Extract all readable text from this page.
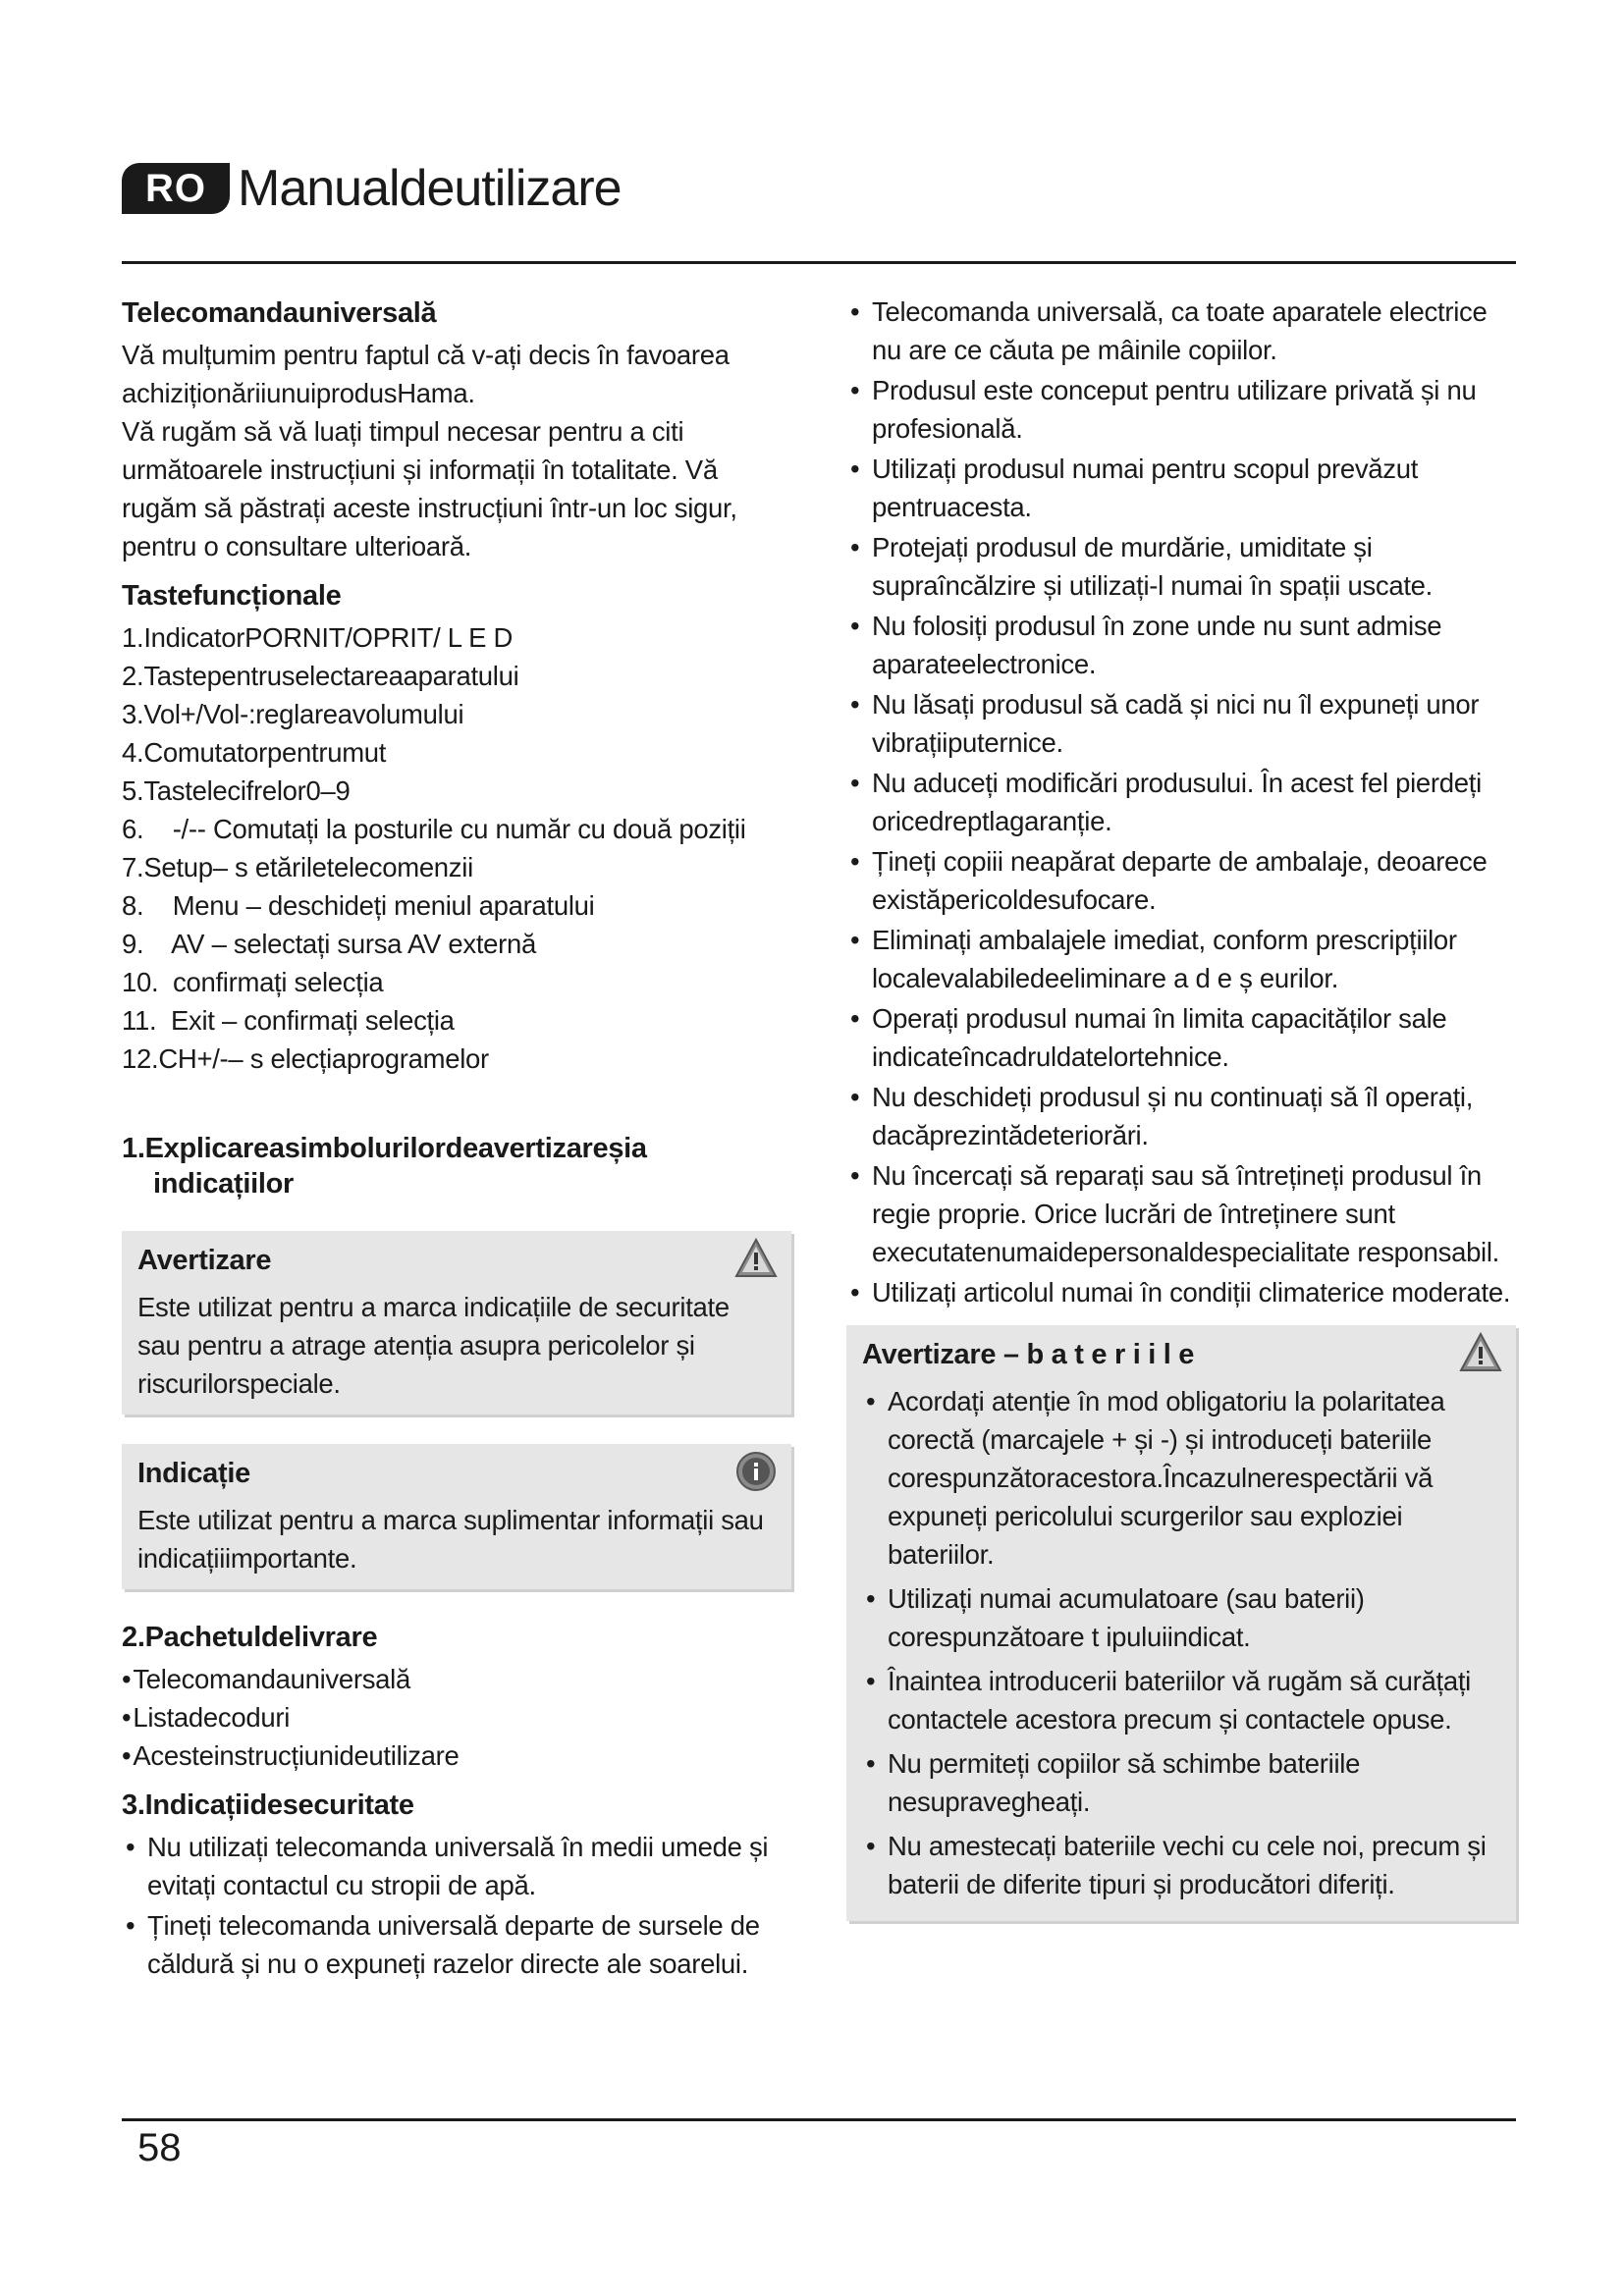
RO Manualdeutilizare
Telecomandauniversală

Vă mulțumim pentru faptul că v-ați decis în favoarea achiziționăriiunuiprodusHama.

Vă rugăm să vă luați timpul necesar pentru a citi următoarele instrucțiuni și informații în totalitate. Vă rugăm să păstrați aceste instrucțiuni într-un loc sigur, pentru o consultare ulterioară.

Tastefuncționale
1.IndicatorPORNIT/OPRIT/ L E D
2.Tastepentruselectareaaparatului
3.Vol+/Vol-:reglareavolumului
4.Comutatorpentrumut
5.Tastelecifrelor0–9
6.    -/-- Comutați la posturile cu număr cu două poziții
7.Setup– s etăriletelecomenzii
8.    Menu – deschideți meniul aparatului
9.    AV – selectați sursa AV externă
10.  confirmați selecția
11.  Exit – confirmați selecția
12.CH+/-– s elecțiaprogramelor
1.Explicareasimbolurilordeavertizareșia
indicațiilor
Avertizare

Este utilizat pentru a marca indicațiile de securitate sau pentru a atrage atenția asupra pericolelor și riscurilorspeciale.

Indicație

Este utilizat pentru a marca suplimentar informații sau indicațiiimportante.

2.Pachetuldelivrare
• Telecomandauniversală
• Listadecoduri
• Acesteinstrucțiunideutilizare
3.Indicațiidesecuritate
• Nu utilizați telecomanda universală în medii umede și evitați contactul cu stropii de apă.
• Țineți telecomanda universală departe de sursele de căldură și nu o expuneți razelor directe ale soarelui.
• Telecomanda universală, ca toate aparatele electrice nu are ce căuta pe mâinile copiilor.
• Produsul este conceput pentru utilizare privată și nu profesională.
• Utilizați produsul numai pentru scopul prevăzut pentruacesta.
• Protejați produsul de murdărie, umiditate și supraîncălzire și utilizați-l numai în spații uscate.
• Nu folosiți produsul în zone unde nu sunt admise aparateelectronice.
• Nu lăsați produsul să cadă și nici nu îl expuneți unor vibrațiiputernice.
• Nu aduceți modificări produsului. În acest fel pierdeți oricedreptlagaranție.
• Țineți copiii neapărat departe de ambalaje, deoarece existăpericoldesufocare.
• Eliminați ambalajele imediat, conform prescripțiilor localevalabiledeeliminare a d e ș eurilor.
• Operați produsul numai în limita capacităților sale indicateîncadruldatelortehnice.
• Nu deschideți produsul și nu continuați să îl operați, dacăprezintădeteriorări.
• Nu încercați să reparați sau să întrețineți produsul în regie proprie. Orice lucrări de întreținere sunt executatenumaidepersonaldespecialitate responsabil.
• Utilizați articolul numai în condiții climaterice moderate.
Avertizare – b a t e r i i l e
• Acordați atenție în mod obligatoriu la polaritatea corectă (marcajele + și -) și introduceți bateriile corespunzătoracestora.Încazulnerespectării vă expuneți pericolului scurgerilor sau exploziei bateriilor.
• Utilizați numai acumulatoare (sau baterii) corespunzătoare t ipuluiindicat.
• Înaintea introducerii bateriilor vă rugăm să curățați contactele acestora precum și contactele opuse.
• Nu permiteți copiilor să schimbe bateriile nesupravegheați.
• Nu amestecați bateriile vechi cu cele noi, precum și baterii de diferite tipuri și producători diferiți.
58
